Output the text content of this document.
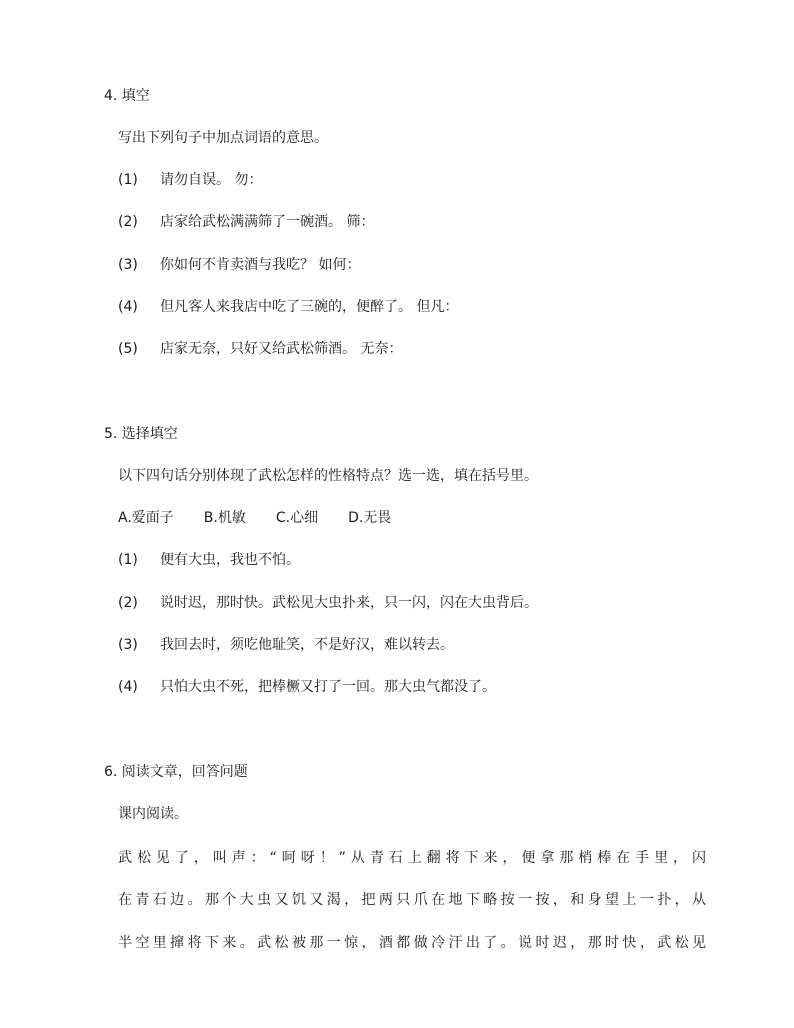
4. 填空
写出下列句子中加点词语的意思。
(1) 请勿自误。 勿：
(2) 店家给武松满满筛了一碗酒。 筛：
(3) 你如何不肯卖酒与我吃？ 如何：
(4) 但凡客人来我店中吃了三碗的，便醉了。 但凡：
(5) 店家无奈，只好又给武松筛酒。 无奈：
5. 选择填空
以下四句话分别体现了武松怎样的性格特点？选一选，填在括号里。
A.爱面子 B.机敏 C.心细 D.无畏
(1) 便有大虫，我也不怕。
(2) 说时迟，那时快。武松见大虫扑来，只一闪，闪在大虫背后。
(3) 我回去时，须吃他耻笑，不是好汉，难以转去。
(4) 只怕大虫不死，把棒橛又打了一回。那大虫气都没了。
6. 阅读文章，回答问题
课内阅读。
武松见了，叫声：“呵呀！”从青石上翻将下来，便拿那梢棒在手里，闪
在青石边。那个大虫又饥又渴，把两只爪在地下略按一按，和身望上一扑，从
半空里撺将下来。武松被那一惊，酒都做冷汗出了。说时迟，那时快，武松见
